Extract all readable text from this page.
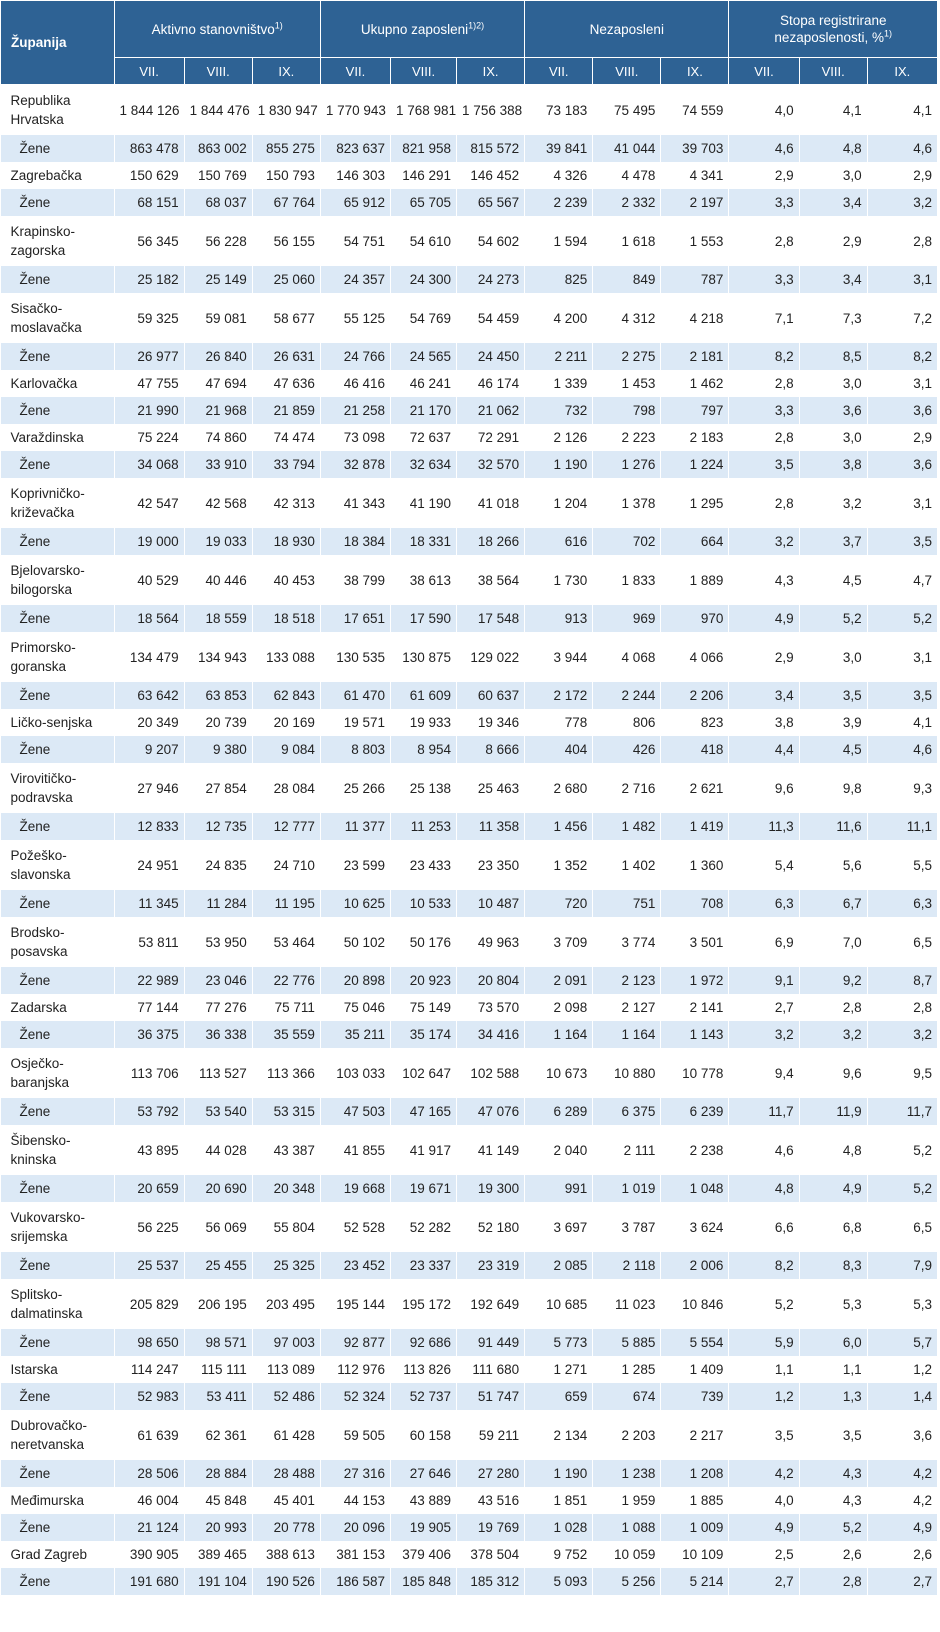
Županija	Aktivno stanovništvo$^{1)}$			Ukupno zaposleni$^{1)2)}$			Nezaposleni			Stopa registrirane nezaposlenosti, %$^{1)}$
	VII.	VIII.	IX.	VII.	VIII.	IX.	VII.	VIII.	IX.	VII.	VIII.	IX.
Republika Hrvatska	1 844 126	1 844 476	1 830 947	1 770 943	1 768 981	1 756 388	73 183	75 495	74 559	4,0	4,1	4,1
Žene	863 478	863 002	855 275	823 637	821 958	815 572	39 841	41 044	39 703	4,6	4,8	4,6
Zagrebačka	150 629	150 769	150 793	146 303	146 291	146 452	4 326	4 478	4 341	2,9	3,0	2,9
Žene	68 151	68 037	67 764	65 912	65 705	65 567	2 239	2 332	2 197	3,3	3,4	3,2
Krapinsko-zagorska	56 345	56 228	56 155	54 751	54 610	54 602	1 594	1 618	1 553	2,8	2,9	2,8
Žene	25 182	25 149	25 060	24 357	24 300	24 273	825	849	787	3,3	3,4	3,1
Sisačko-moslavačka	59 325	59 081	58 677	55 125	54 769	54 459	4 200	4 312	4 218	7,1	7,3	7,2
Žene	26 977	26 840	26 631	24 766	24 565	24 450	2 211	2 275	2 181	8,2	8,5	8,2
Karlovačka	47 755	47 694	47 636	46 416	46 241	46 174	1 339	1 453	1 462	2,8	3,0	3,1
Žene	21 990	21 968	21 859	21 258	21 170	21 062	732	798	797	3,3	3,6	3,6
Varaždinska	75 224	74 860	74 474	73 098	72 637	72 291	2 126	2 223	2 183	2,8	3,0	2,9
Žene	34 068	33 910	33 794	32 878	32 634	32 570	1 190	1 276	1 224	3,5	3,8	3,6
Koprivničko-križevačka	42 547	42 568	42 313	41 343	41 190	41 018	1 204	1 378	1 295	2,8	3,2	3,1
Žene	19 000	19 033	18 930	18 384	18 331	18 266	616	702	664	3,2	3,7	3,5
Bjelovarsko-bilogorska	40 529	40 446	40 453	38 799	38 613	38 564	1 730	1 833	1 889	4,3	4,5	4,7
Žene	18 564	18 559	18 518	17 651	17 590	17 548	913	969	970	4,9	5,2	5,2
Primorsko-goranska	134 479	134 943	133 088	130 535	130 875	129 022	3 944	4 068	4 066	2,9	3,0	3,1
Žene	63 642	63 853	62 843	61 470	61 609	60 637	2 172	2 244	2 206	3,4	3,5	3,5
Ličko-senjska	20 349	20 739	20 169	19 571	19 933	19 346	778	806	823	3,8	3,9	4,1
Žene	9 207	9 380	9 084	8 803	8 954	8 666	404	426	418	4,4	4,5	4,6
Virovitičko-podravska	27 946	27 854	28 084	25 266	25 138	25 463	2 680	2 716	2 621	9,6	9,8	9,3
Žene	12 833	12 735	12 777	11 377	11 253	11 358	1 456	1 482	1 419	11,3	11,6	11,1
Požeško-slavonska	24 951	24 835	24 710	23 599	23 433	23 350	1 352	1 402	1 360	5,4	5,6	5,5
Žene	11 345	11 284	11 195	10 625	10 533	10 487	720	751	708	6,3	6,7	6,3
Brodsko-posavska	53 811	53 950	53 464	50 102	50 176	49 963	3 709	3 774	3 501	6,9	7,0	6,5
Žene	22 989	23 046	22 776	20 898	20 923	20 804	2 091	2 123	1 972	9,1	9,2	8,7
Zadarska	77 144	77 276	75 711	75 046	75 149	73 570	2 098	2 127	2 141	2,7	2,8	2,8
Žene	36 375	36 338	35 559	35 211	35 174	34 416	1 164	1 164	1 143	3,2	3,2	3,2
Osječko-baranjska	113 706	113 527	113 366	103 033	102 647	102 588	10 673	10 880	10 778	9,4	9,6	9,5
Žene	53 792	53 540	53 315	47 503	47 165	47 076	6 289	6 375	6 239	11,7	11,9	11,7
Šibensko-kninska	43 895	44 028	43 387	41 855	41 917	41 149	2 040	2 111	2 238	4,6	4,8	5,2
Žene	20 659	20 690	20 348	19 668	19 671	19 300	991	1 019	1 048	4,8	4,9	5,2
Vukovarsko-srijemska	56 225	56 069	55 804	52 528	52 282	52 180	3 697	3 787	3 624	6,6	6,8	6,5
Žene	25 537	25 455	25 325	23 452	23 337	23 319	2 085	2 118	2 006	8,2	8,3	7,9
Splitsko-dalmatinska	205 829	206 195	203 495	195 144	195 172	192 649	10 685	11 023	10 846	5,2	5,3	5,3
Žene	98 650	98 571	97 003	92 877	92 686	91 449	5 773	5 885	5 554	5,9	6,0	5,7
Istarska	114 247	115 111	113 089	112 976	113 826	111 680	1 271	1 285	1 409	1,1	1,1	1,2
Žene	52 983	53 411	52 486	52 324	52 737	51 747	659	674	739	1,2	1,3	1,4
Dubrovačko-neretvanska	61 639	62 361	61 428	59 505	60 158	59 211	2 134	2 203	2 217	3,5	3,5	3,6
Žene	28 506	28 884	28 488	27 316	27 646	27 280	1 190	1 238	1 208	4,2	4,3	4,2
Međimurska	46 004	45 848	45 401	44 153	43 889	43 516	1 851	1 959	1 885	4,0	4,3	4,2
Žene	21 124	20 993	20 778	20 096	19 905	19 769	1 028	1 088	1 009	4,9	5,2	4,9
Grad Zagreb	390 905	389 465	388 613	381 153	379 406	378 504	9 752	10 059	10 109	2,5	2,6	2,6
Žene	191 680	191 104	190 526	186 587	185 848	185 312	5 093	5 256	5 214	2,7	2,8	2,7
